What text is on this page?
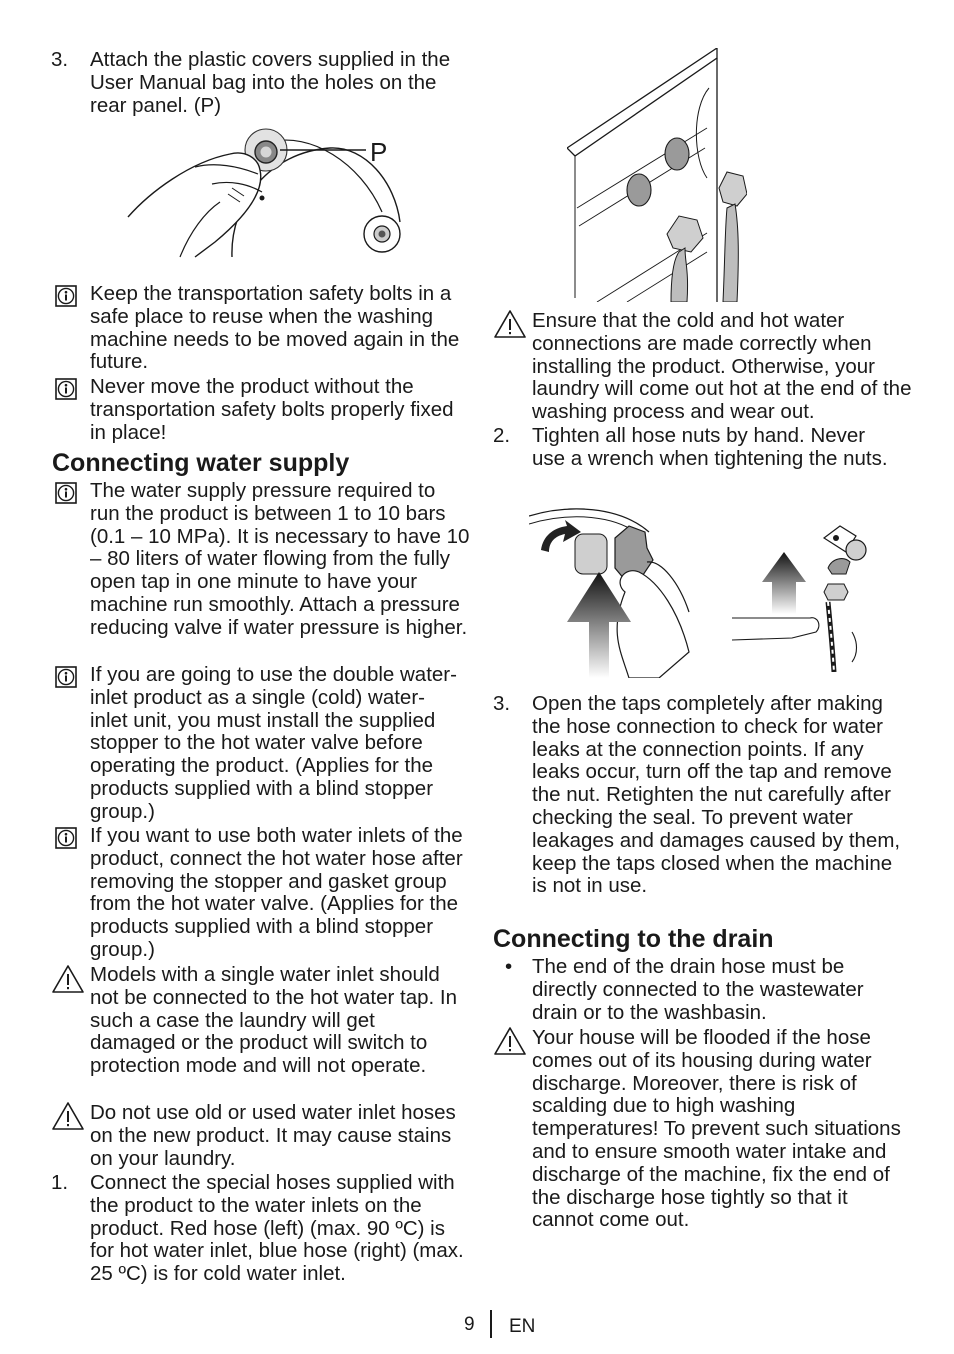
3. Attach the plastic covers supplied in the User Manual bag into the holes on the rear panel. (P)
P
Keep the transportation safety bolts in a safe place to reuse when the washing machine needs to be moved again in the future.
Never move the product without the transportation safety bolts properly fixed in place!
Connecting water supply
The water supply pressure required to run the product is between 1 to 10 bars (0.1 – 10 MPa). It is necessary to have 10 – 80 liters of water flowing from the fully open tap in one minute to have your machine run smoothly. Attach a pressure reducing valve if water pressure is higher.
If you are going to use the double water-inlet product as a single (cold) water-inlet unit, you must install the supplied stopper to the hot water valve before operating the product. (Applies for the products supplied with a blind stopper group.)
If you want to use both water inlets of the product, connect the hot water hose after removing the stopper and gasket group from the hot water valve. (Applies for the products supplied with a blind stopper group.)
Models with a single water inlet should not be connected to the hot water tap. In such a case the laundry will get damaged or the product will switch to protection mode and will not operate.
Do not use old or used water inlet hoses on the new product. It may cause stains on your laundry.
1. Connect the special hoses supplied with the product to the water inlets on the product. Red hose (left) (max. 90 ºC) is for hot water inlet, blue hose (right) (max. 25 ºC) is for cold water inlet.
Ensure that the cold and hot water connections are made correctly when installing the product. Otherwise, your laundry will come out hot at the end of the washing process and wear out.
2. Tighten all hose nuts by hand. Never use a wrench when tightening the nuts.
3. Open the taps completely after making the hose connection to check for water leaks at the connection points. If any leaks occur, turn off the tap and remove the nut. Retighten the nut carefully after checking the seal. To prevent water leakages and damages caused by them, keep the taps closed when the machine is not in use.
Connecting to the drain
• The end of the drain hose must be directly connected to the wastewater drain or to the washbasin.
Your house will be flooded if the hose comes out of its housing during water discharge. Moreover, there is risk of scalding due to high washing temperatures! To prevent such situations and to ensure smooth water intake and discharge of the machine, fix the end of the discharge hose tightly so that it cannot come out.
9 EN
